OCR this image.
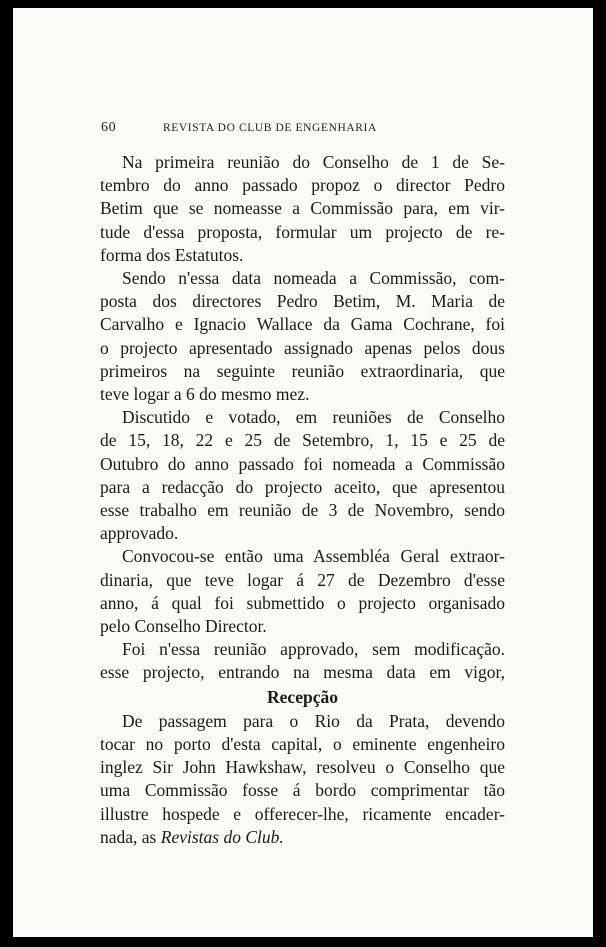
60	REVISTA DO CLUB DE ENGENHARIA
Na primeira reunião do Conselho de 1 de Se-
tembro do anno passado propoz o director Pedro
Betim que se nomeasse a Commissão para, em vir-
tude d'essa proposta, formular um projecto de re-
forma dos Estatutos.
Sendo n'essa data nomeada a Commissão, com-
posta dos directores Pedro Betim, M. Maria de
Carvalho e Ignacio Wallace da Gama Cochrane, foi
o projecto apresentado assignado apenas pelos dous
primeiros na seguinte reunião extraordinaria, que
teve logar a 6 do mesmo mez.
Discutido e votado, em reuniões de Conselho
de 15, 18, 22 e 25 de Setembro, 1, 15 e 25 de
Outubro do anno passado foi nomeada a Commissão
para a redacção do projecto aceito, que apresentou
esse trabalho em reunião de 3 de Novembro, sendo
approvado.
Convocou-se então uma Assembléa Geral extraor-
dinaria, que teve logar á 27 de Dezembro d'esse
anno, á qual foi submettido o projecto organisado
pelo Conselho Director.
Foi n'essa reunião approvado, sem modificação.
esse projecto, entrando na mesma data em vigor,
Recepção
De passagem para o Rio da Prata, devendo
tocar no porto d'esta capital, o eminente engenheiro
inglez Sir John Hawkshaw, resolveu o Conselho que
uma Commissão fosse á bordo comprimentar tão
illustre hospede e offerecer-lhe, ricamente encader-
nada, as Revistas do Club.
